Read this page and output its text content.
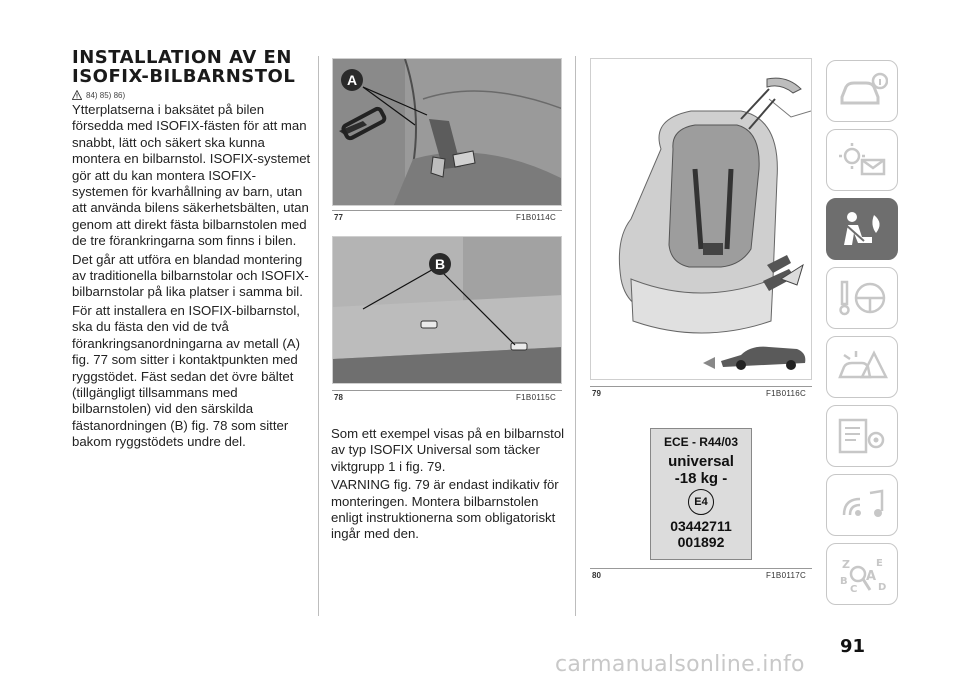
INSTALLATION AV EN
ISOFIX-BILBARNSTOL
84) 85) 86)

Ytterplatserna i baksätet på bilen försedda med ISOFIX-fästen för att man snabbt, lätt och säkert ska kunna montera en bilbarnstol. ISOFIX-systemet gör att du kan montera ISOFIX-systemen för kvarhållning av barn, utan att använda bilens säkerhetsbälten, utan genom att direkt fästa bilbarnstolen med de tre förankringarna som finns i bilen.

Det går att utföra en blandad montering av traditionella bilbarnstolar och ISOFIX-bilbarnstolar på lika platser i samma bil.

För att installera en ISOFIX-bilbarnstol, ska du fästa den vid de två förankringsanordningarna av metall (A) fig. 77 som sitter i kontaktpunkten med ryggstödet. Fäst sedan det övre bältet (tillgängligt tillsammans med bilbarnstolen) vid den särskilda fästanordningen (B) fig. 78 som sitter bakom ryggstödets undre del.

A
77	F1B0114C
B
78	F1B0115C

Som ett exempel visas på en bilbarnstol av typ ISOFIX Universal som täcker viktgrupp 1 i fig. 79.

VARNING fig. 79 är endast indikativ för monteringen. Montera bilbarnstolen enligt instruktionerna som obligatoriskt ingår med den.

79	F1B0116C
ECE - R44/03
universal
-18 kg -
E4
03442711
001892
80	F1B0117C
Z	E
A
B
C D
91
carmanualsonline.info
